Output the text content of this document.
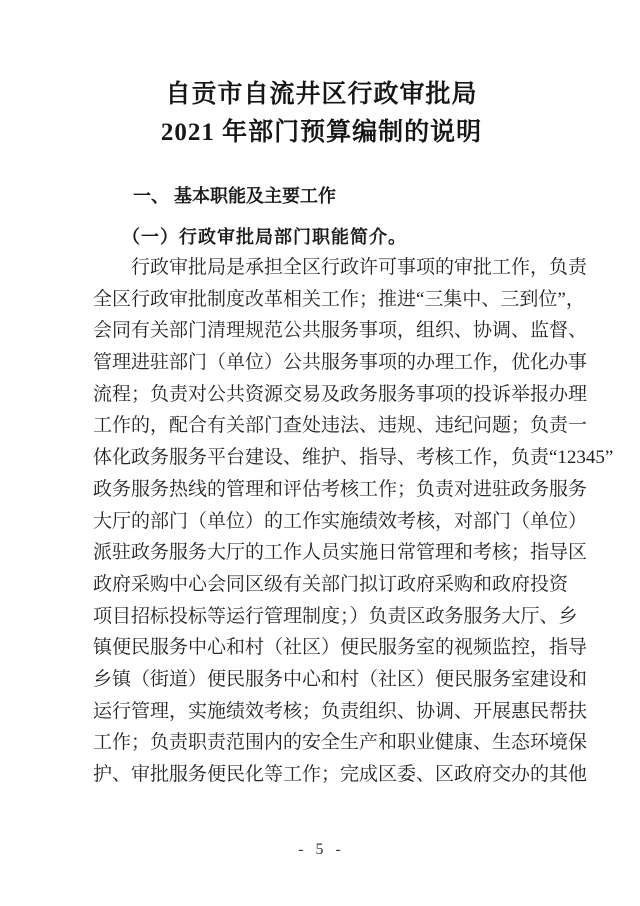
自贡市自流井区行政审批局
2021 年部门预算编制的说明
一、 基本职能及主要工作
（一）行政审批局部门职能简介。

行政审批局是承担全区行政许可事项的审批工作，负责

全区行政审批制度改革相关工作；推进“三集中、三到位”，

会同有关部门清理规范公共服务事项，组织、协调、监督、

管理进驻部门（单位）公共服务事项的办理工作，优化办事

流程；负责对公共资源交易及政务服务事项的投诉举报办理

工作的，配合有关部门查处违法、违规、违纪问题；负责一

体化政务服务平台建设、维护、指导、考核工作，负责“12345”

政务服务热线的管理和评估考核工作；负责对进驻政务服务

大厅的部门（单位）的工作实施绩效考核，对部门（单位）

派驻政务服务大厅的工作人员实施日常管理和考核；指导区

政府采购中心会同区级有关部门拟订政府采购和政府投资

项目招标投标等运行管理制度；）负责区政务服务大厅、乡

镇便民服务中心和村（社区）便民服务室的视频监控，指导

乡镇（街道）便民服务中心和村（社区）便民服务室建设和

运行管理，实施绩效考核；负责组织、协调、开展惠民帮扶

工作；负责职责范围内的安全生产和职业健康、生态环境保

护、审批服务便民化等工作；完成区委、区政府交办的其他

- 5 -
